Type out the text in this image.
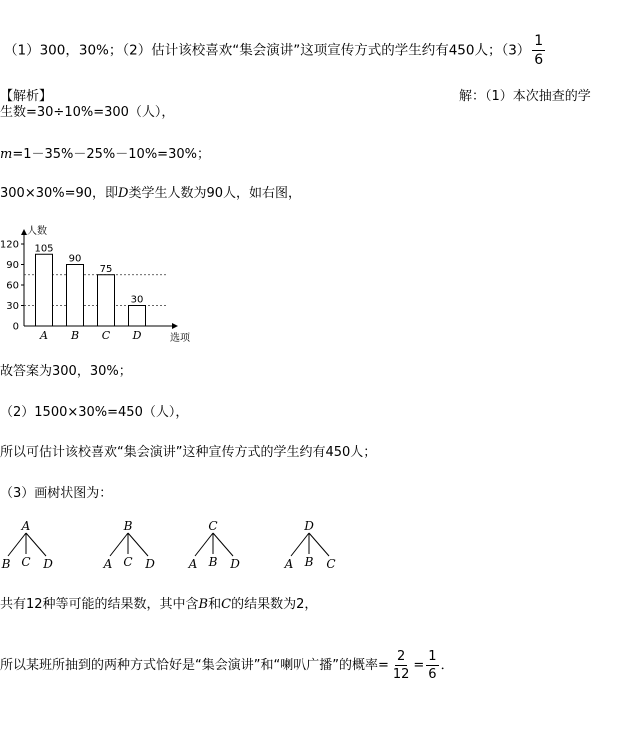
（1）300，30%；（2）估计该校喜欢“集会演讲”这项宣传方式的学生约有450人；$(3) \frac{1}{6}$
【解析】	解：（1）本次抽查的学
生数=30÷10%=300（人），
m=1－35%－25%－10%=30%；
300×30%=90，即D类学生人数为90人，如右图，
人数
选项
0
30
60
90
120 105
A
90
B
75
C
30
D
故答案为300，30%；
（2）1500×30%=450（人），
所以可估计该校喜欢“集会演讲”这种宣传方式的学生约有450人；
（3）画树状图为：
A
B C D
B
A C D
C
A B D
D
A B C
共有12种等可能的结果数，其中含B和C的结果数为2，
所以某班所抽到的两种方式恰好是“集会演讲”和“喇叭广播”的概率= $\frac{2}{12} = \frac{1}{6}$ ．
